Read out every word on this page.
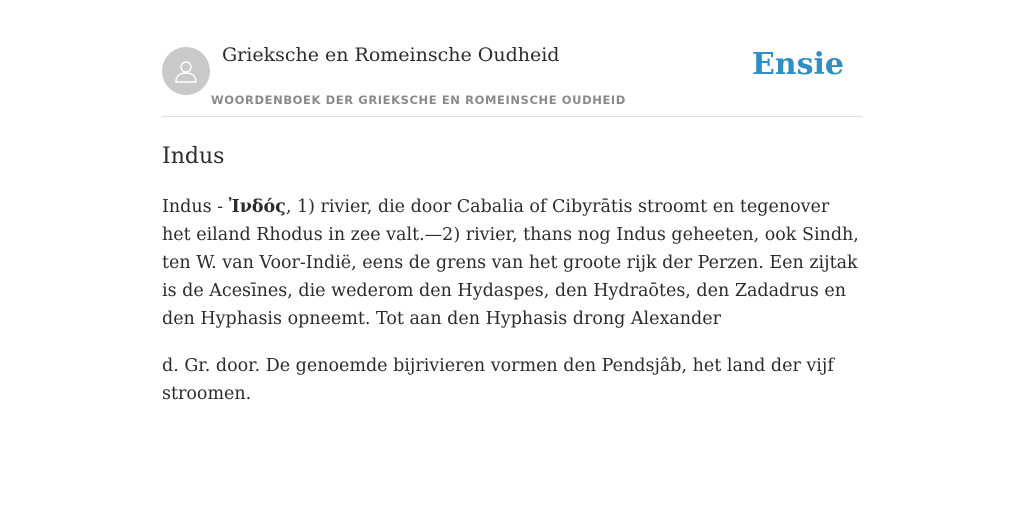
Grieksche en Romeinsche Oudheid
WOORDENBOEK DER GRIEKSCHE EN ROMEINSCHE OUDHEID
Ensie
Indus

Indus - Ἰνδός, 1) rivier, die door Cabalia of Cibyrātis stroomt en tegenover het eiland Rhodus in zee valt.—2) rivier, thans nog Indus geheeten, ook Sindh, ten W. van Voor-Indië, eens de grens van het groote rijk der Perzen. Een zijtak is de Acesīnes, die wederom den Hydaspes, den Hydraōtes, den Zadadrus en den Hyphasis opneemt. Tot aan den Hyphasis drong Alexander

d. Gr. door. De genoemde bijrivieren vormen den Pendsjâb, het land der vijf stroomen.
